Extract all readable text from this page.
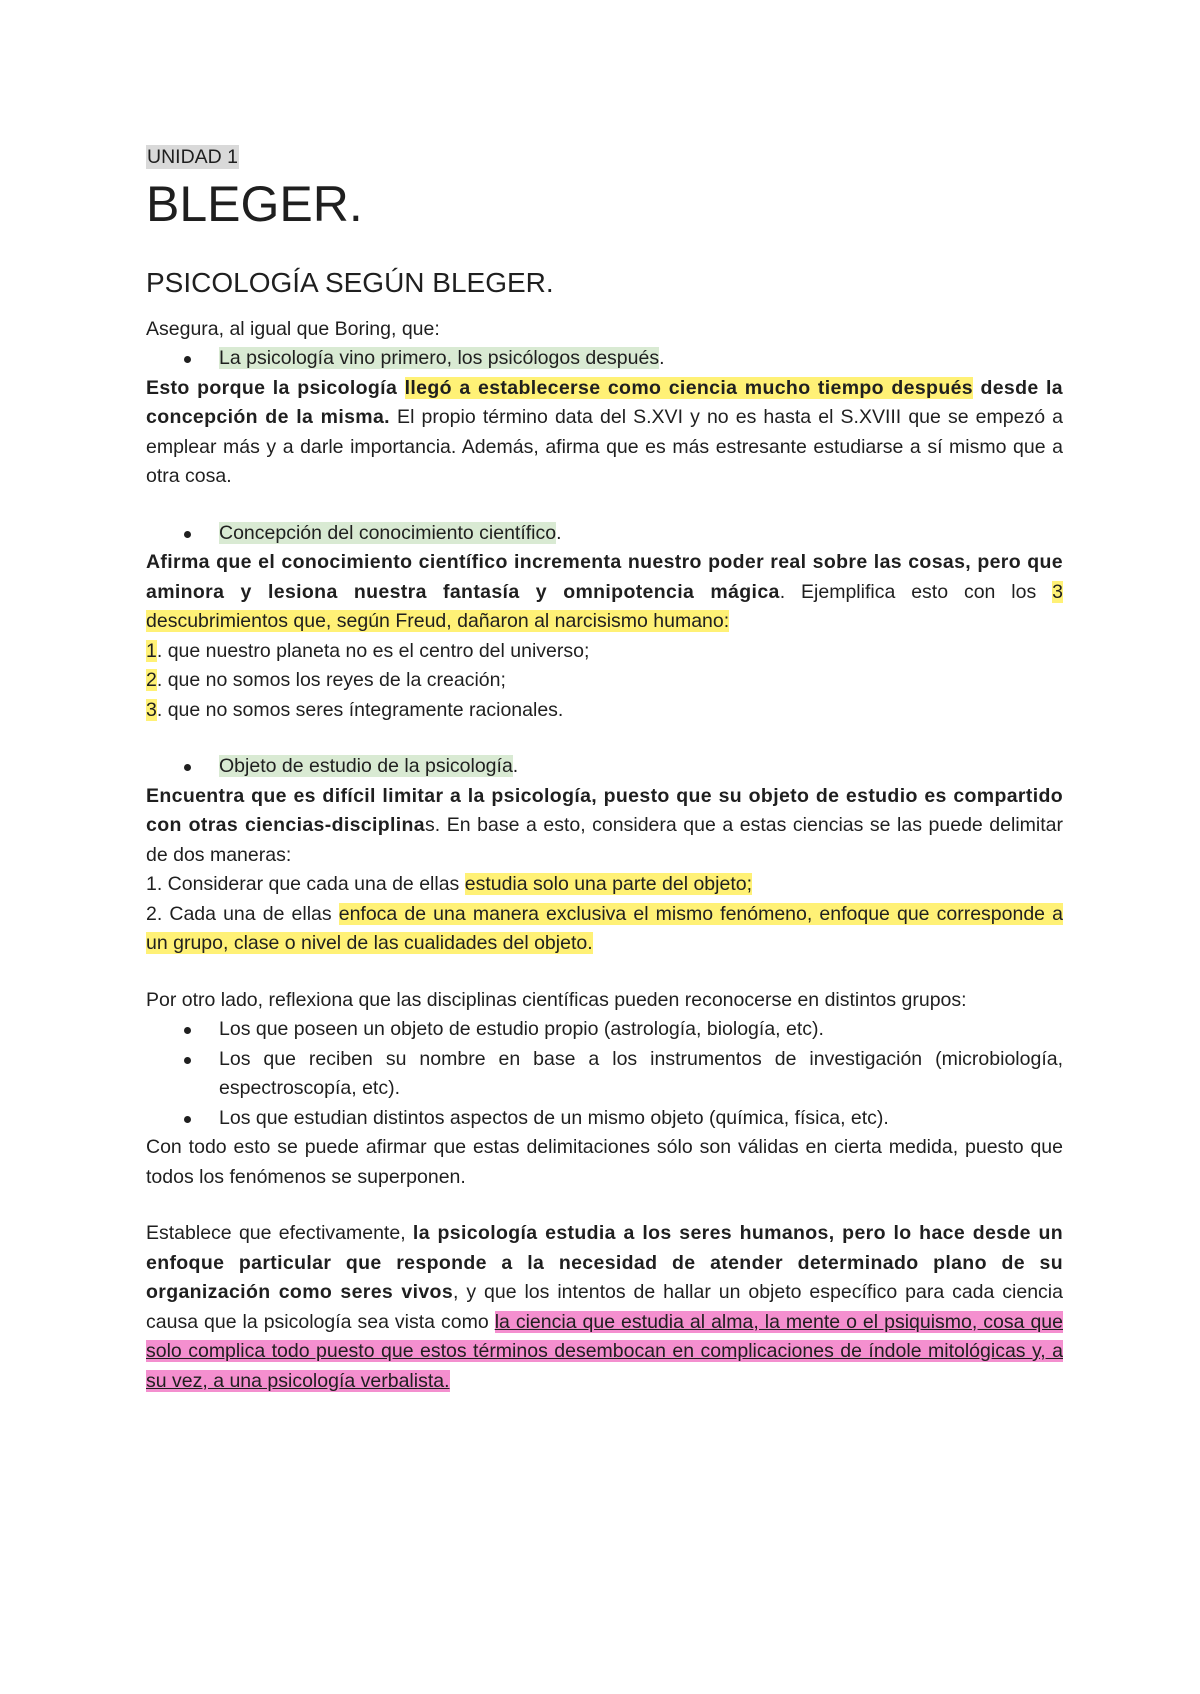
UNIDAD 1
BLEGER.
PSICOLOGÍA SEGÚN BLEGER.

Asegura, al igual que Boring, que:

La psicología vino primero, los psicólogos después.

Esto porque la psicología llegó a establecerse como ciencia mucho tiempo después desde la concepción de la misma. El propio término data del S.XVI y no es hasta el S.XVIII que se empezó a emplear más y a darle importancia. Además, afirma que es más estresante estudiarse a sí mismo que a otra cosa.

Concepción del conocimiento científico.

Afirma que el conocimiento científico incrementa nuestro poder real sobre las cosas, pero que aminora y lesiona nuestra fantasía y omnipotencia mágica. Ejemplifica esto con los 3 descubrimientos que, según Freud, dañaron al narcisismo humano:

1. que nuestro planeta no es el centro del universo;

2. que no somos los reyes de la creación;

3. que no somos seres íntegramente racionales.

Objeto de estudio de la psicología.

Encuentra que es difícil limitar a la psicología, puesto que su objeto de estudio es compartido con otras ciencias-disciplinas. En base a esto, considera que a estas ciencias se las puede delimitar de dos maneras:

1. Considerar que cada una de ellas estudia solo una parte del objeto;

2. Cada una de ellas enfoca de una manera exclusiva el mismo fenómeno, enfoque que corresponde a un grupo, clase o nivel de las cualidades del objeto.

Por otro lado, reflexiona que las disciplinas científicas pueden reconocerse en distintos grupos:

Los que poseen un objeto de estudio propio (astrología, biología, etc).
Los que reciben su nombre en base a los instrumentos de investigación (microbiología, espectroscopía, etc).
Los que estudian distintos aspectos de un mismo objeto (química, física, etc).

Con todo esto se puede afirmar que estas delimitaciones sólo son válidas en cierta medida, puesto que todos los fenómenos se superponen.

Establece que efectivamente, la psicología estudia a los seres humanos, pero lo hace desde un enfoque particular que responde a la necesidad de atender determinado plano de su organización como seres vivos, y que los intentos de hallar un objeto específico para cada ciencia causa que la psicología sea vista como la ciencia que estudia al alma, la mente o el psiquismo, cosa que solo complica todo puesto que estos términos desembocan en complicaciones de índole mitológicas y, a su vez, a una psicología verbalista.
